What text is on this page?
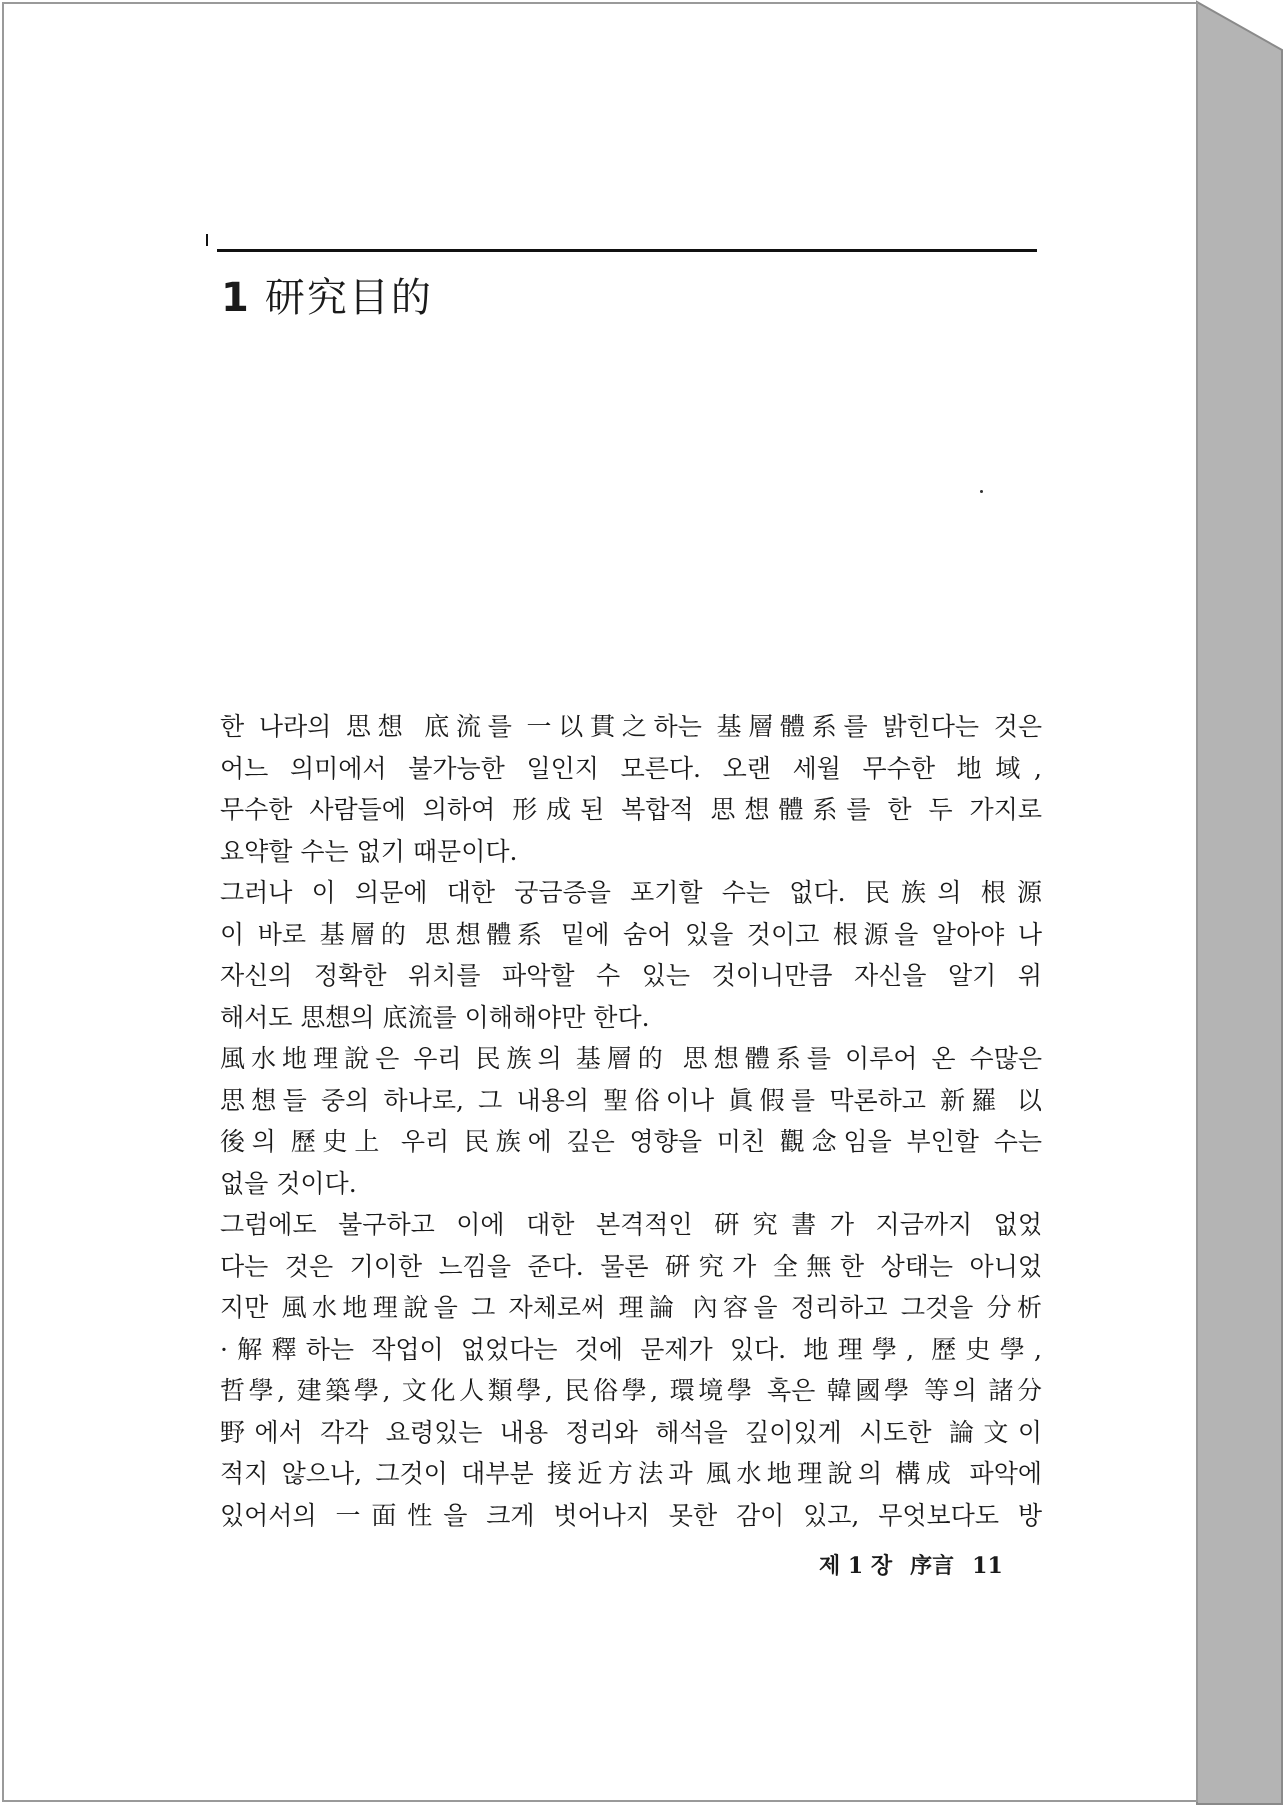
1 研究目的
한 나라의 思想 底流를 一以貫之하는 基層體系를 밝힌다는 것은
어느 의미에서 불가능한 일인지 모른다. 오랜 세월 무수한 地域,
무수한 사람들에 의하여 形成된 복합적 思想體系를 한 두 가지로
요약할 수는 없기 때문이다.
그러나 이 의문에 대한 궁금증을 포기할 수는 없다. 民族의 根源
이 바로 基層的 思想體系 밑에 숨어 있을 것이고 根源을 알아야 나
자신의 정확한 위치를 파악할 수 있는 것이니만큼 자신을 알기 위
해서도 思想의 底流를 이해해야만 한다.
風水地理說은 우리 民族의 基層的 思想體系를 이루어 온 수많은
思想들 중의 하나로, 그 내용의 聖俗이나 眞假를 막론하고 新羅 以
後의 歷史上 우리 民族에 깊은 영향을 미친 觀念임을 부인할 수는
없을 것이다.
그럼에도 불구하고 이에 대한 본격적인 硏究書가 지금까지 없었
다는 것은 기이한 느낌을 준다. 물론 硏究가 全無한 상태는 아니었
지만 風水地理說을 그 자체로써 理論 內容을 정리하고 그것을 分析
·解釋하는 작업이 없었다는 것에 문제가 있다. 地理學, 歷史學,
哲學, 建築學, 文化人類學, 民俗學, 環境學 혹은 韓國學 等의 諸分
野에서 각각 요령있는 내용 정리와 해석을 깊이있게 시도한 論文이
적지 않으나, 그것이 대부분 接近方法과 風水地理說의 構成 파악에
있어서의 一面性을 크게 벗어나지 못한 감이 있고, 무엇보다도 방
제 1 장 序言 11
